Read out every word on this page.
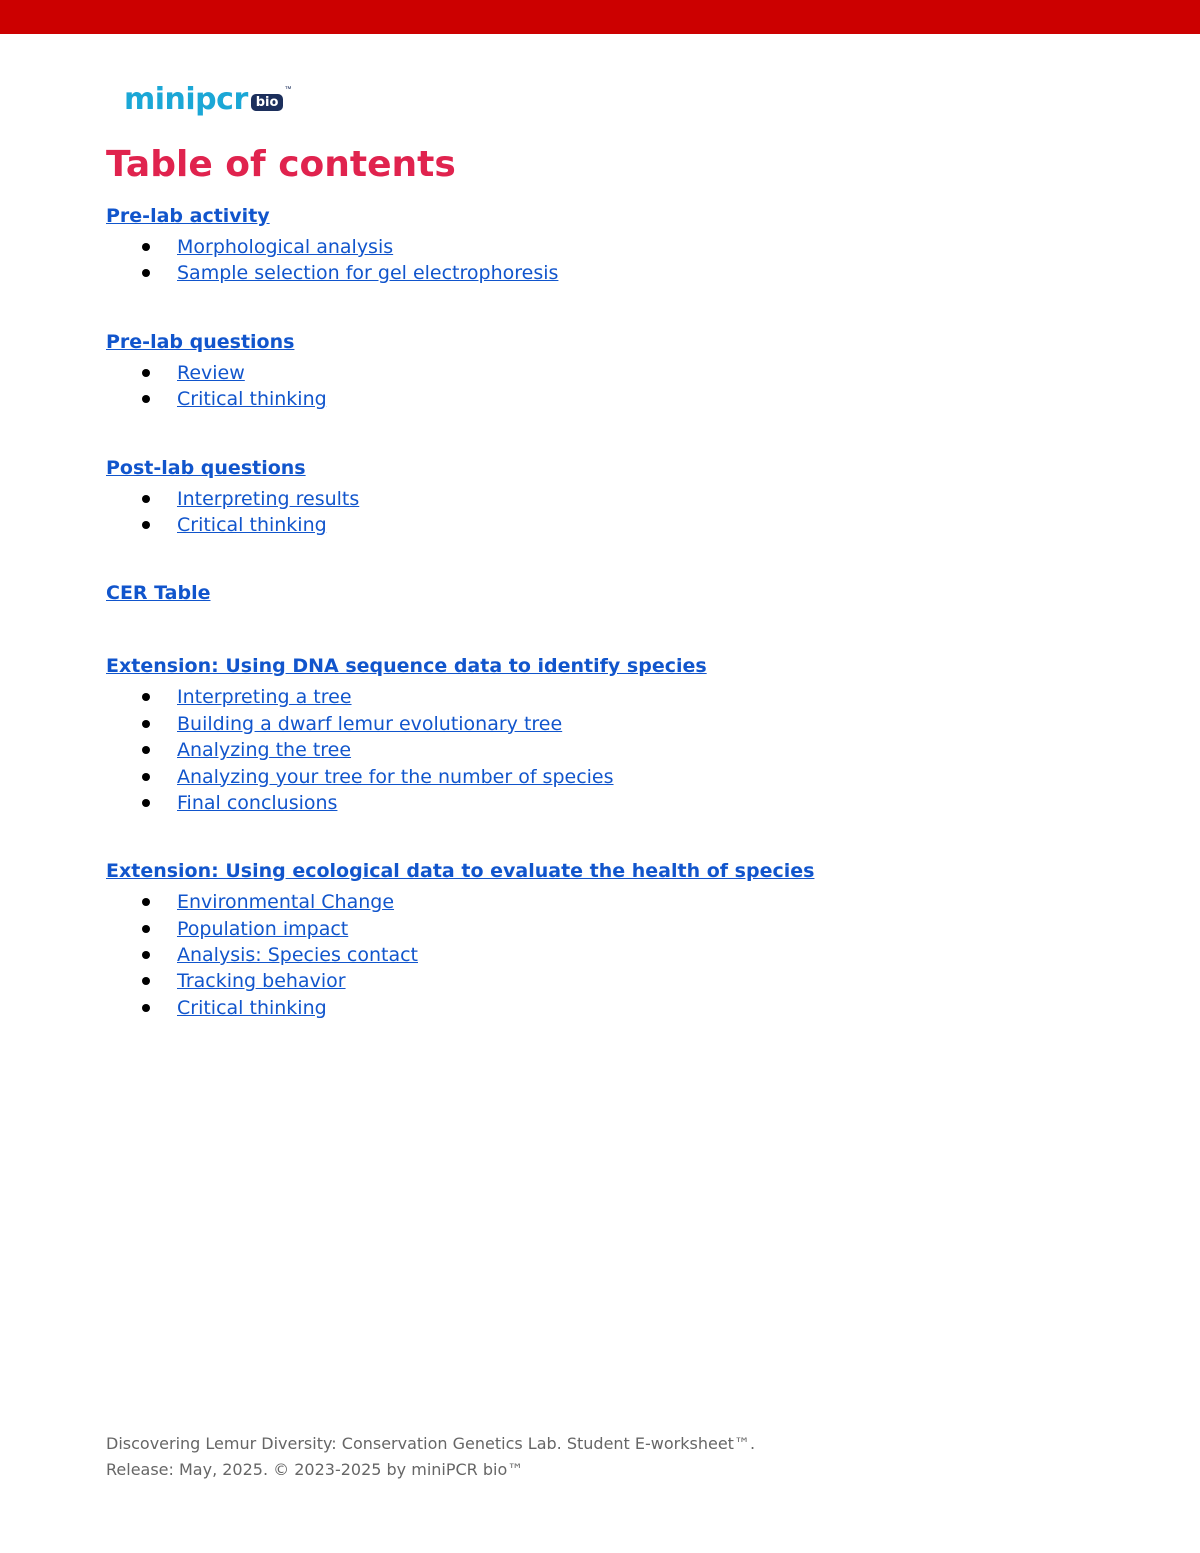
minipcr bio
™
Table of contents
Pre-lab activity
Morphological analysis
Sample selection for gel electrophoresis
Pre-lab questions
Review
Critical thinking
Post-lab questions
Interpreting results
Critical thinking
CER Table
Extension: Using DNA sequence data to identify species
Interpreting a tree
Building a dwarf lemur evolutionary tree
Analyzing the tree
Analyzing your tree for the number of species
Final conclusions
Extension: Using ecological data to evaluate the health of species
Environmental Change
Population impact
Analysis: Species contact
Tracking behavior
Critical thinking
Discovering Lemur Diversity: Conservation Genetics Lab. Student E-worksheet™.
Release: May, 2025. © 2023-2025 by miniPCR bio™
